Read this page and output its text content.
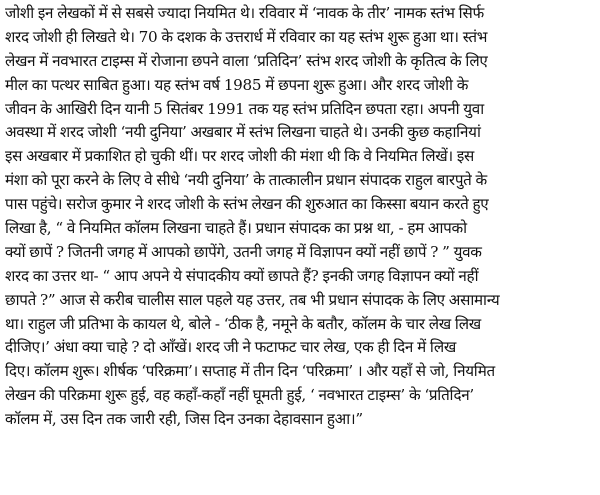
जोशी इन लेखकों में से सबसे ज्यादा नियमित थे। रविवार में ‘नावक के तीर’ नामक स्तंभ सिर्फ
शरद जोशी ही लिखते थे। 70 के दशक के उत्तरार्ध में रविवार का यह स्तंभ शुरू हुआ था। स्तंभ
लेखन में नवभारत टाइम्स में रोजाना छपने वाला ‘प्रतिदिन’ स्तंभ शरद जोशी के कृतित्व के लिए
मील का पत्थर साबित हुआ। यह स्तंभ वर्ष 1985 में छपना शुरू हुआ। और शरद जोशी के
जीवन के आखिरी दिन यानी 5 सितंबर 1991 तक यह स्तंभ प्रतिदिन छपता रहा। अपनी युवा
अवस्था में शरद जोशी ‘नयी दुनिया’ अखबार में स्तंभ लिखना चाहते थे। उनकी कुछ कहानियां
इस अखबार में प्रकाशित हो चुकी थीं। पर शरद जोशी की मंशा थी कि वे नियमित लिखें। इस
मंशा को पूरा करने के लिए वे सीधे ‘नयी दुनिया’ के तात्कालीन प्रधान संपादक राहुल बारपुते के
पास पहुंचे। सरोज कुमार ने शरद जोशी के स्तंभ लेखन की शुरुआत का किस्सा बयान करते हुए
लिखा है, “ वे नियमित कॉलम लिखना चाहते हैं। प्रधान संपादक का प्रश्न था, - हम आपको
क्यों छापें ? जितनी जगह में आपको छापेंगे, उतनी जगह में विज्ञापन क्यों नहीं छापें ? ” युवक
शरद का उत्तर था- “ आप अपने ये संपादकीय क्यों छापते हैं? इनकी जगह विज्ञापन क्यों नहीं
छापते ?” आज से करीब चालीस साल पहले यह उत्तर, तब भी प्रधान संपादक के लिए असामान्य
था। राहुल जी प्रतिभा के कायल थे, बोले - ‘ठीक है, नमूने के बतौर, कॉलम के चार लेख लिख
दीजिए।’ अंधा क्या चाहे ? दो आँखें। शरद जी ने फटाफट चार लेख, एक ही दिन में लिख
दिए। कॉलम शुरू। शीर्षक ‘परिक्रमा’। सप्ताह में तीन दिन ‘परिक्रमा’ । और यहाँ से जो, नियमित
लेखन की परिक्रमा शुरू हुई, वह कहाँ-कहाँ नहीं घूमती हुई, ‘ नवभारत टाइम्स’ के ‘प्रतिदिन’
कॉलम में, उस दिन तक जारी रही, जिस दिन उनका देहावसान हुआ।”
